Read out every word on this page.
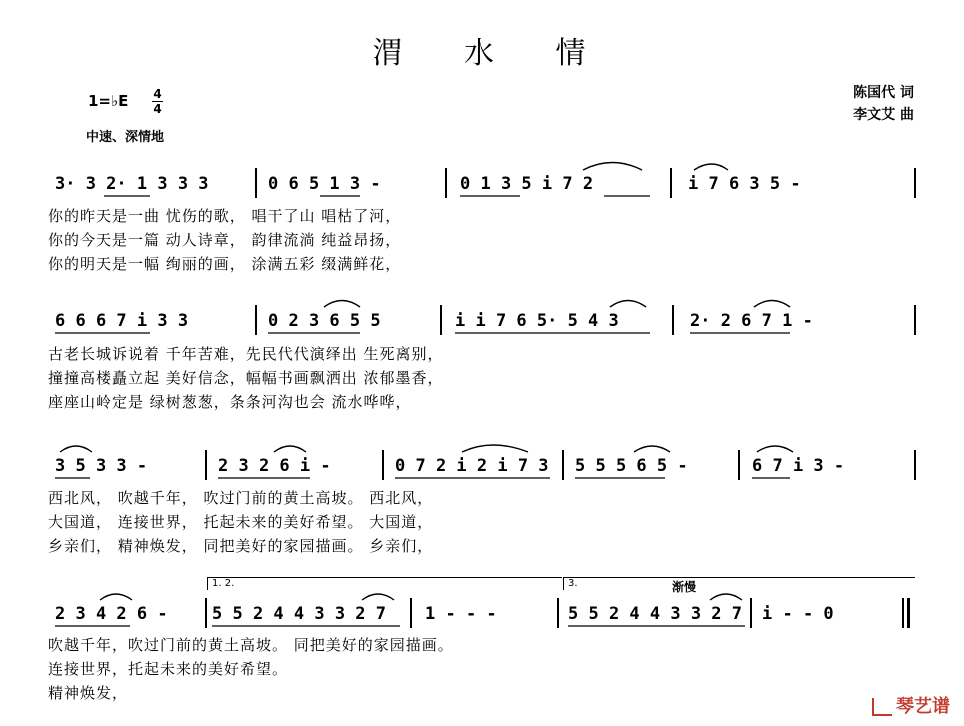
渭 水 情
陈国代 词
李文艾 曲
1=♭E 4
4
中速、深情地
3· 3 2· 1 3 3 3	0 6 5 1 3 -	0 1 3 5 i 7 2	i 7 6 3 5 -
你的昨天是一曲 忧伤的歌， 唱干了山 唱枯了河，
你的今天是一篇 动人诗章， 韵律流淌 纯益昂扬，
你的明天是一幅 绚丽的画， 涂满五彩 缀满鲜花，
6 6 6 7 i 3 3	0 2 3 6 5 5	i i 7 6 5· 5 4 3	2· 2 6 7 1 -
古老长城诉说着 千年苦难，先民代代演绎出 生死离别，
撞撞高楼矗立起 美好信念，幅幅书画飘洒出 浓郁墨香，
座座山岭定是 绿树葱葱，条条河沟也会 流水哗哗，
3 5 3 3 -	2 3 2 6 i -	0 7 2 i 2 i 7 3 5 5 5 6 5 -	6 7 i 3 -
西北风， 吹越千年， 吹过门前的黄土高坡。 西北风，
大国道， 连接世界， 托起未来的美好希望。 大国道，
乡亲们， 精神焕发， 同把美好的家园描画。 乡亲们，
1. 2.	3.	渐慢
2 3 4 2 6 -	5 5 2 4 4 3 3 2 7 1 - - -	5 5 2 4 4 3 3 2 7 i - - 0
吹越千年，吹过门前的黄土高坡。 同把美好的家园描画。
连接世界，托起未来的美好希望。
精神焕发，
琴艺谱
